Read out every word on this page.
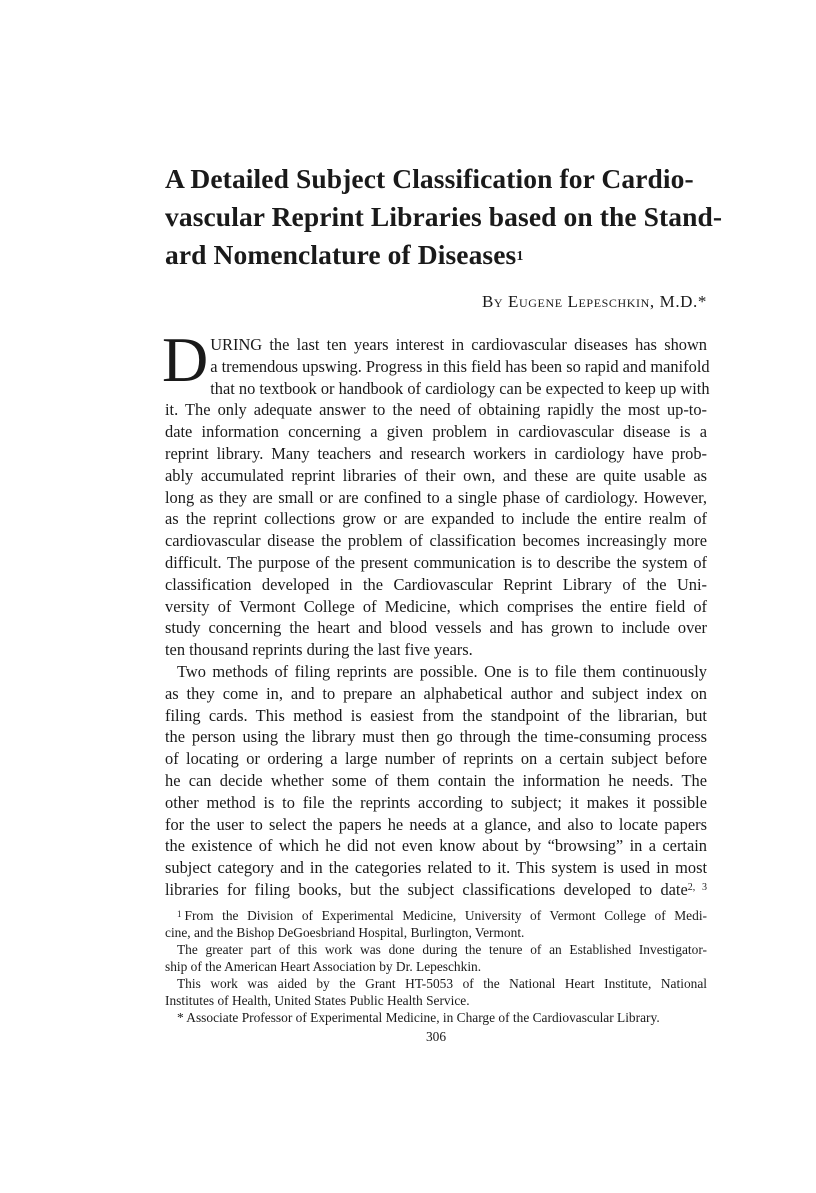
A Detailed Subject Classification for Cardio-
vascular Reprint Libraries based on the Stand-
ard Nomenclature of Diseases$^1$
By Eugene Lepeschkin, M.D.*

D URING the last ten years interest in cardiovascular diseases has shown
a tremendous upswing. Progress in this field has been so rapid and manifold
that no textbook or handbook of cardiology can be expected to keep up with
it. The only adequate answer to the need of obtaining rapidly the most up-to-
date information concerning a given problem in cardiovascular disease is a
reprint library. Many teachers and research workers in cardiology have prob-
ably accumulated reprint libraries of their own, and these are quite usable as
long as they are small or are confined to a single phase of cardiology. However,
as the reprint collections grow or are expanded to include the entire realm of
cardiovascular disease the problem of classification becomes increasingly more
difficult. The purpose of the present communication is to describe the system of
classification developed in the Cardiovascular Reprint Library of the Uni-
versity of Vermont College of Medicine, which comprises the entire field of
study concerning the heart and blood vessels and has grown to include over
ten thousand reprints during the last five years.

Two methods of filing reprints are possible. One is to file them continuously
as they come in, and to prepare an alphabetical author and subject index on
filing cards. This method is easiest from the standpoint of the librarian, but
the person using the library must then go through the time-consuming process
of locating or ordering a large number of reprints on a certain subject before
he can decide whether some of them contain the information he needs. The
other method is to file the reprints according to subject; it makes it possible
for the user to select the papers he needs at a glance, and also to locate papers
the existence of which he did not even know about by “browsing” in a certain
subject category and in the categories related to it. This system is used in most
libraries for filing books, but the subject classifications developed to date$^{2, 3}$

$^1$ From the Division of Experimental Medicine, University of Vermont College of Medi-
cine, and the Bishop DeGoesbriand Hospital, Burlington, Vermont.
The greater part of this work was done during the tenure of an Established Investigator-
ship of the American Heart Association by Dr. Lepeschkin.
This work was aided by the Grant HT-5053 of the National Heart Institute, National
Institutes of Health, United States Public Health Service.
* Associate Professor of Experimental Medicine, in Charge of the Cardiovascular Library.
306
